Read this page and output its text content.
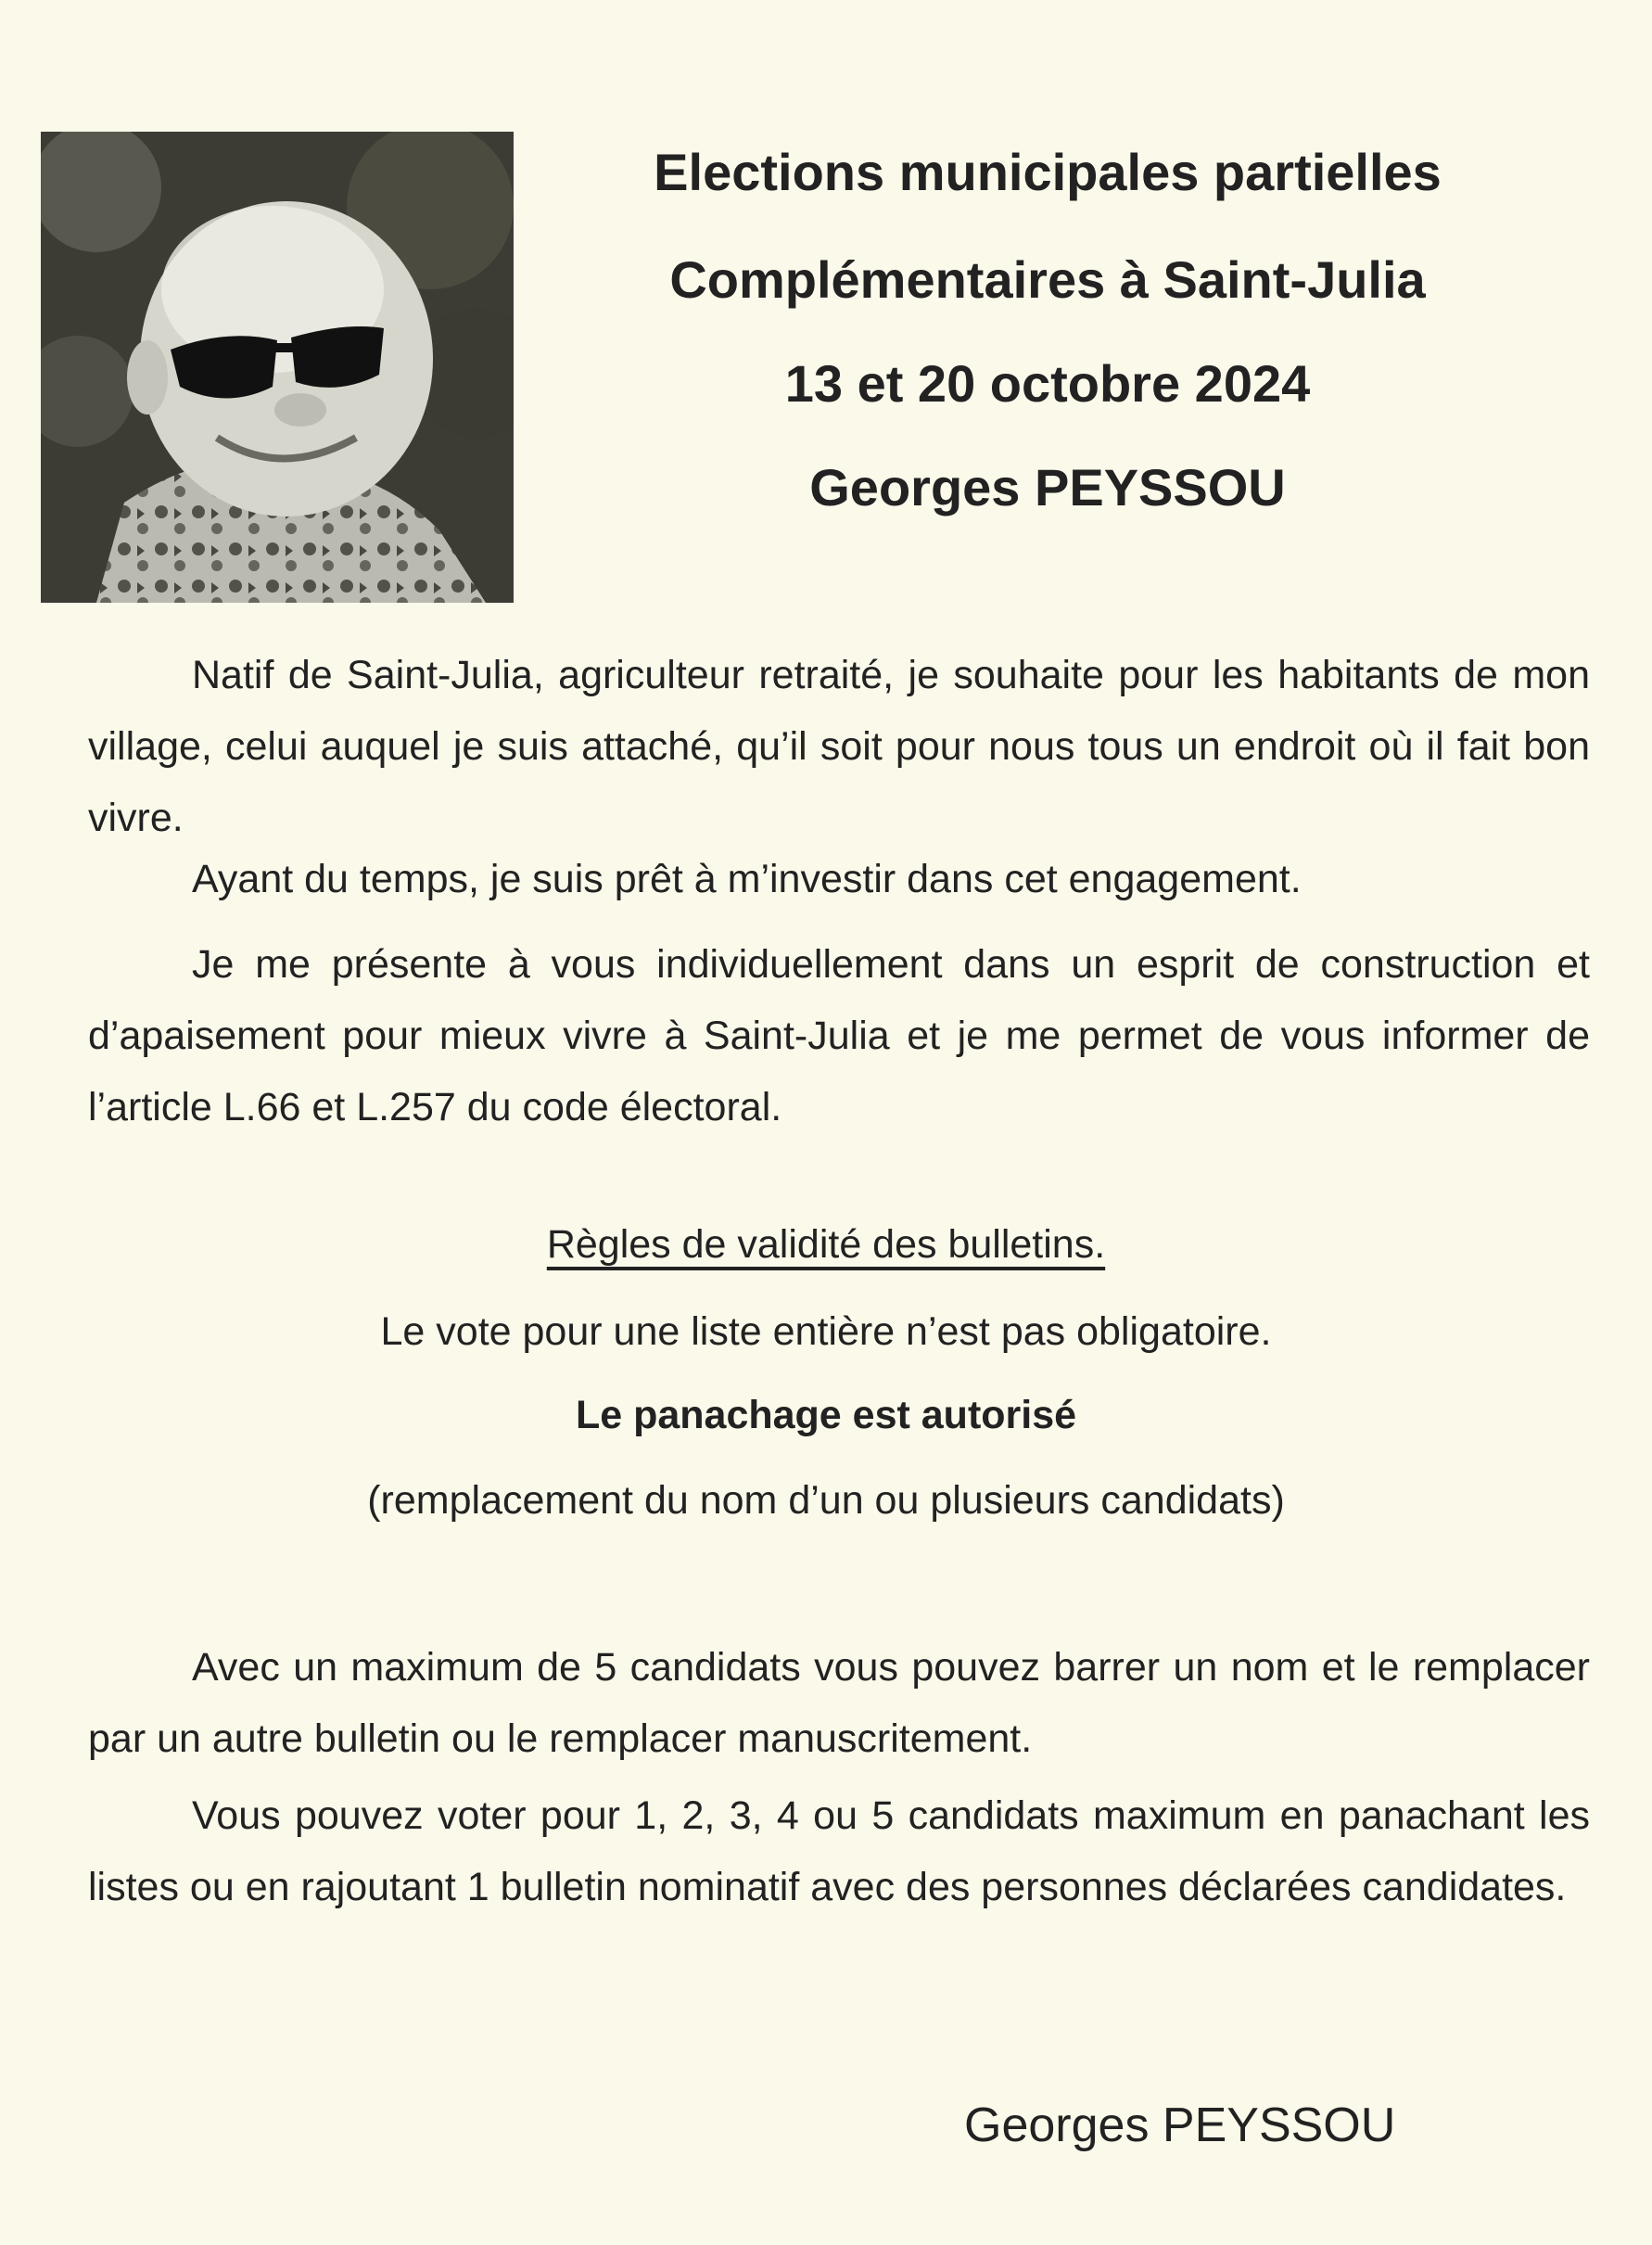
Elections municipales partielles
Complémentaires à Saint-Julia
13 et 20 octobre 2024
Georges PEYSSOU
Natif de Saint-Julia, agriculteur retraité, je souhaite pour les habitants de mon village, celui auquel je suis attaché, qu’il soit pour nous tous un endroit où il fait bon vivre.
Ayant du temps, je suis prêt à m’investir dans cet engagement.
Je me présente à vous individuellement dans un esprit de construction et d’apaisement pour mieux vivre à Saint-Julia et je me permet de vous informer de l’article L.66 et L.257 du code électoral.
Règles de validité des bulletins.
Le vote pour une liste entière n’est pas obligatoire.
Le panachage est autorisé
(remplacement du nom d’un ou plusieurs candidats)
Avec un maximum de 5 candidats vous pouvez barrer un nom et le remplacer par un autre bulletin ou le remplacer manuscritement.
Vous pouvez voter pour 1, 2, 3, 4 ou 5 candidats maximum en panachant les listes ou en rajoutant 1 bulletin nominatif avec des personnes déclarées candidates.
Georges PEYSSOU
